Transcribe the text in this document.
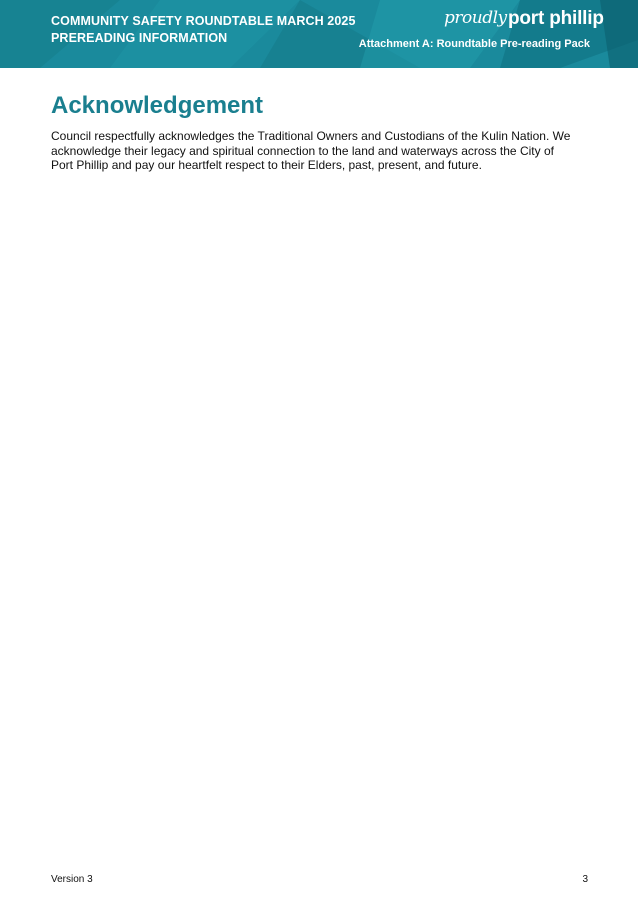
COMMUNITY SAFETY ROUNDTABLE MARCH 2025
PREREADING INFORMATION
proudly port phillip
Attachment A: Roundtable Pre-reading Pack
Acknowledgement
Council respectfully acknowledges the Traditional Owners and Custodians of the Kulin Nation. We
acknowledge their legacy and spiritual connection to the land and waterways across the City of
Port Phillip and pay our heartfelt respect to their Elders, past, present, and future.
Version 3	3
